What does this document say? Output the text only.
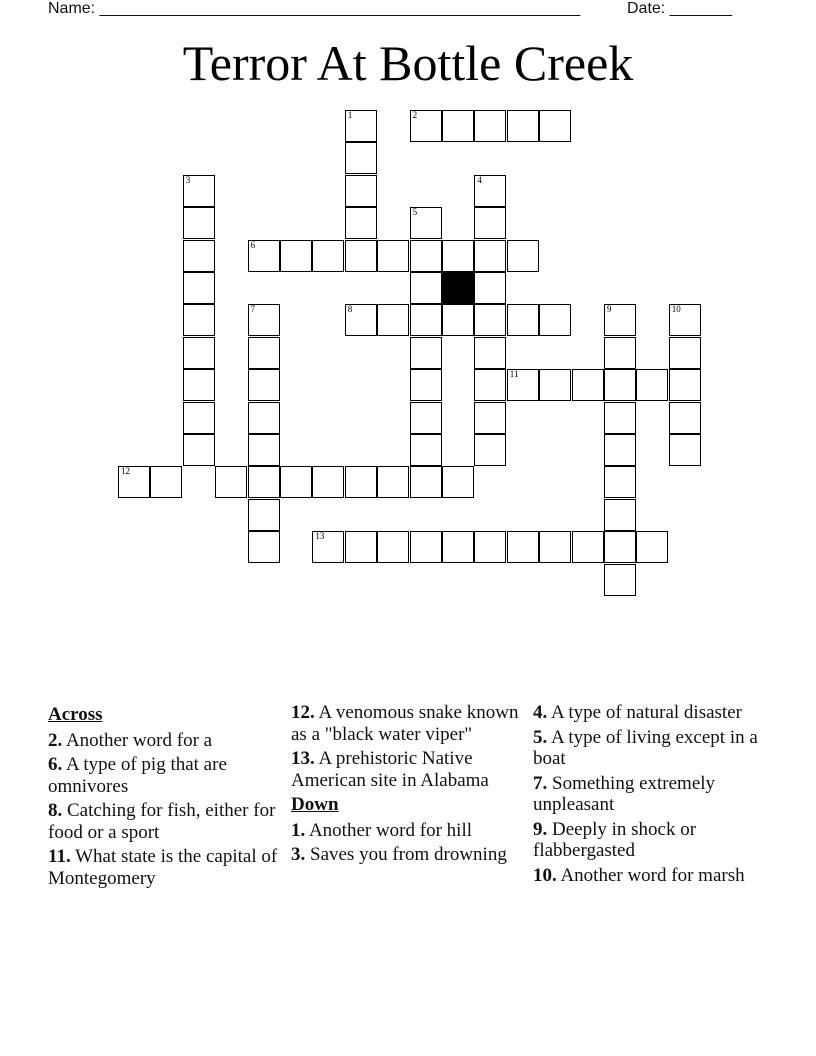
Name: ______________________________________________________	Date: _______
Terror At Bottle Creek
1	2
3	4
5
6
7	8	9	10
11
12
13
Across
2. Another word for a
6. A type of pig that are omnivores
8. Catching for fish, either for food or a sport
11. What state is the capital of Montegomery
12. A venomous snake known as a "black water viper"
13. A prehistoric Native American site in Alabama
Down
1. Another word for hill
3. Saves you from drowning
4. A type of natural disaster
5. A type of living except in a boat
7. Something extremely unpleasant
9. Deeply in shock or flabbergasted
10. Another word for marsh
